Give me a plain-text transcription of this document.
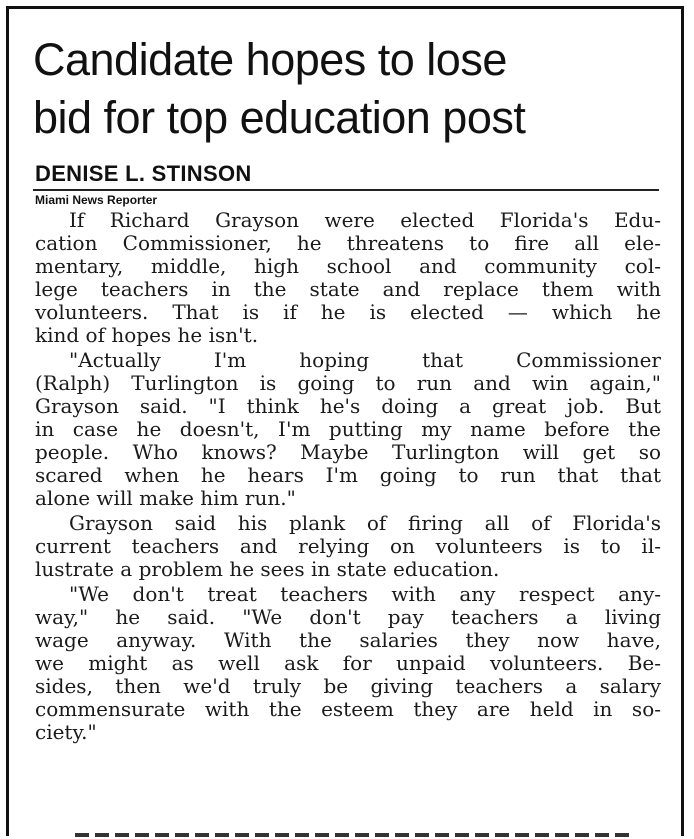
Candidate hopes to lose
bid for top education post
DENISE L. STINSON
Miami News Reporter

If Richard Grayson were elected Florida's Edu-
cation Commissioner, he threatens to fire all ele-
mentary, middle, high school and community col-
lege teachers in the state and replace them with
volunteers. That is if he is elected — which he
kind of hopes he isn't.

"Actually I'm hoping that Commissioner
(Ralph) Turlington is going to run and win again,"
Grayson said. "I think he's doing a great job. But
in case he doesn't, I'm putting my name before the
people. Who knows? Maybe Turlington will get so
scared when he hears I'm going to run that that
alone will make him run."

Grayson said his plank of firing all of Florida's
current teachers and relying on volunteers is to il-
lustrate a problem he sees in state education.

"We don't treat teachers with any respect any-
way," he said. "We don't pay teachers a living
wage anyway. With the salaries they now have,
we might as well ask for unpaid volunteers. Be-
sides, then we'd truly be giving teachers a salary
commensurate with the esteem they are held in so-
ciety."
